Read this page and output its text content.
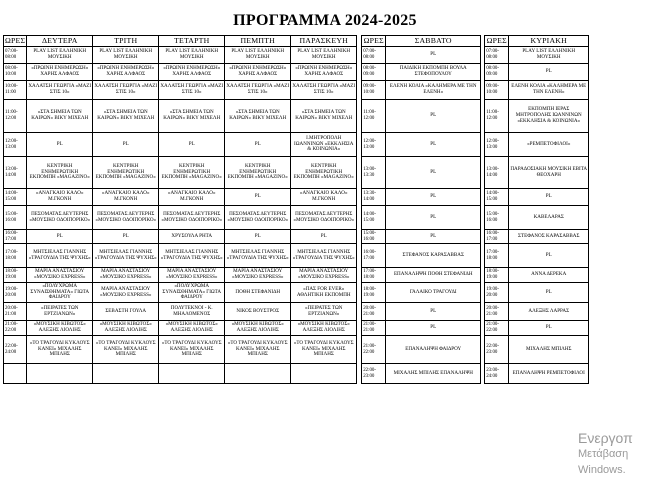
ΠΡΟΓΡΑΜΜΑ 2024-2025
ΩΡΕΣ	ΔΕΥΤΕΡΑ	ΤΡΙΤΗ	ΤΕΤΑΡΤΗ	ΠΕΜΠΤΗ	ΠΑΡΑΣΚΕΥΗ		ΩΡΕΣ	ΣΑΒΒΑΤΟ		ΩΡΕΣ	ΚΥΡΙΑΚΗ
07:00-08:00	PLAY LIST ΕΛΛΗΝΙΚΗ ΜΟΥΣΙΚΗ	PLAY LIST ΕΛΛΗΝΙΚΗ ΜΟΥΣΙΚΗ	PLAY LIST ΕΛΛΗΝΙΚΗ ΜΟΥΣΙΚΗ	PLAY LIST ΕΛΛΗΝΙΚΗ ΜΟΥΣΙΚΗ	PLAY LIST ΕΛΛΗΝΙΚΗ ΜΟΥΣΙΚΗ		07:00-08:00	PL		07:00-08:00	PLAY LIST ΕΛΛΗΝΙΚΗ ΜΟΥΣΙΚΗ
08:00-10:00	«ΠΡΩΙΝΗ ΕΝΗΜΕΡΩΣΗ» ΧΑΡΗΣ ΑΛΦΑΟΣ	«ΠΡΩΙΝΗ ΕΝΗΜΕΡΩΣΗ» ΧΑΡΗΣ ΑΛΦΑΟΣ	«ΠΡΩΙΝΗ ΕΝΗΜΕΡΩΣΗ» ΧΑΡΗΣ ΑΛΦΑΟΣ	«ΠΡΩΙΝΗ ΕΝΗΜΕΡΩΣΗ» ΧΑΡΗΣ ΑΛΦΑΟΣ	«ΠΡΩΙΝΗ ΕΝΗΜΕΡΩΣΗ» ΧΑΡΗΣ ΑΛΦΑΟΣ		08:00-09:00	ΠΑΙΔΙΚΗ ΕΚΠΟΜΠΗ ΒΟΥΛΑ ΣΤΕΦΟΠΟΥΛΟΥ		08:00-09:00	PL
10:00-11:00	ΧΑΛΑΤΣΗ ΓΕΩΡΓΙΑ «ΜΑΖΙ ΣΤΙΣ 10»	ΧΑΛΑΤΣΗ ΓΕΩΡΓΙΑ «ΜΑΖΙ ΣΤΙΣ 10»	ΧΑΛΑΤΣΗ ΓΕΩΡΓΙΑ «ΜΑΖΙ ΣΤΙΣ 10»	ΧΑΛΑΤΣΗ ΓΕΩΡΓΙΑ «ΜΑΖΙ ΣΤΙΣ 10»	ΧΑΛΑΤΣΗ ΓΕΩΡΓΙΑ «ΜΑΖΙ ΣΤΙΣ 10»		09:00-10:00	ΕΛΕΝΗ ΚΟΛΙΑ «ΚΑΛΗΜΕΡΑ ΜΕ ΤΗΝ ΕΛΕΝΗ»		09:00-10:00	ΕΛΕΝΗ ΚΟΛΙΑ «ΚΑΛΗΜΕΡΑ ΜΕ ΤΗΝ ΕΛΕΝΗ»
11:00-12:00	«ΣΤΑ ΣΗΜΕΙΑ ΤΩΝ ΚΑΙΡΩΝ» ΒΙΚΥ ΜΙΧΕΛΗ	«ΣΤΑ ΣΗΜΕΙΑ ΤΩΝ ΚΑΙΡΩΝ» ΒΙΚΥ ΜΙΧΕΛΗ	«ΣΤΑ ΣΗΜΕΙΑ ΤΩΝ ΚΑΙΡΩΝ» ΒΙΚΥ ΜΙΧΕΛΗ	«ΣΤΑ ΣΗΜΕΙΑ ΤΩΝ ΚΑΙΡΩΝ» ΒΙΚΥ ΜΙΧΕΛΗ	«ΣΤΑ ΣΗΜΕΙΑ ΤΩΝ ΚΑΙΡΩΝ» ΒΙΚΥ ΜΙΧΕΛΗ		11:00-12:00	PL		11:00-12:00	ΕΚΠΟΜΠΗ ΙΕΡΑΣ ΜΗΤΡΟΠΟΛΗΣ ΙΩΑΝΝΙΝΩΝ «ΕΚΚΛΗΣΙΑ & ΚΟΙΝΩΝΙΑ»
12:00-13:00	PL	PL	PL	PL	Ι.ΜΗΤΡΟΠΟΛΗ ΙΩΑΝΝΙΝΩΝ «ΕΚΚΛΗΣΙΑ & ΚΟΙΝΩΝΙΑ»		12:00-13:00	PL		12:00-13:00	«ΡΕΜΠΕΤΟΦΙΛΟΙ»
13:00-14:00	ΚΕΝΤΡΙΚΗ ΕΝΗΜΕΡΩΤΙΚΗ ΕΚΠΟΜΠΗ «MAGAZINO»	ΚΕΝΤΡΙΚΗ ΕΝΗΜΕΡΩΤΙΚΗ ΕΚΠΟΜΠΗ «MAGAZINO»	ΚΕΝΤΡΙΚΗ ΕΝΗΜΕΡΩΤΙΚΗ ΕΚΠΟΜΠΗ «MAGAZINO»	ΚΕΝΤΡΙΚΗ ΕΝΗΜΕΡΩΤΙΚΗ ΕΚΠΟΜΠΗ «MAGAZINO»	ΚΕΝΤΡΙΚΗ ΕΝΗΜΕΡΩΤΙΚΗ ΕΚΠΟΜΠΗ «MAGAZINO»		13:00-13:30	PL		13:00-14:00	ΠΑΡΑΔΟΣΙΑΚΗ ΜΟΥΣΙΚΗ ΕΒΙΤΑ ΘΕΟΧΑΡΗ
14:00-15:00	«ΑΝΑΓΚΑΙΟ ΚΑΛΟ» Μ.ΓΚΟΝΗ	«ΑΝΑΓΚΑΙΟ ΚΑΛΟ» Μ.ΓΚΟΝΗ	«ΑΝΑΓΚΑΙΟ ΚΑΛΟ» Μ.ΓΚΟΝΗ	PL	«ΑΝΑΓΚΑΙΟ ΚΑΛΟ» Μ.ΓΚΟΝΗ		13:30-14:00	PL		14:00-15:00	PL
15:00-16:00	ΠΕΣΟΜΑΤΑΣ ΔΕΥΤΕΡΗΣ «ΜΟΥΣΙΚΟ ΟΔΟΙΠΟΡΙΚΟ»	ΠΕΣΟΜΑΤΑΣ ΔΕΥΤΕΡΗΣ «ΜΟΥΣΙΚΟ ΟΔΟΙΠΟΡΙΚΟ»	ΠΕΣΟΜΑΤΑΣ ΔΕΥΤΕΡΗΣ «ΜΟΥΣΙΚΟ ΟΔΟΙΠΟΡΙΚΟ»	ΠΕΣΟΜΑΤΑΣ ΔΕΥΤΕΡΗΣ «ΜΟΥΣΙΚΟ ΟΔΟΙΠΟΡΙΚΟ»	ΠΕΣΟΜΑΤΑΣ ΔΕΥΤΕΡΗΣ «ΜΟΥΣΙΚΟ ΟΔΟΙΠΟΡΙΚΟ»		14:00-15:00	PL		15:00-16:00	ΚΑΒΕΛΑΡΑΣ
16:00-17:00	PL	PL	ΧΡΥΣΟΥΛΑ ΡΗΤΑ	PL	PL		15:00-16:00	PL		16:00-17:00	ΣΤΕΦΑΝΟΣ ΚΑΡΑΣΑΒΒΑΣ
17:00-18:00	ΜΗΤΣΙΕΛΑΣ ΓΙΑΝΝΗΣ «ΤΡΑΓΟΥΔΙΑ ΤΗΣ ΨΥΧΗΣ»	ΜΗΤΣΙΕΛΑΣ ΓΙΑΝΝΗΣ «ΤΡΑΓΟΥΔΙΑ ΤΗΣ ΨΥΧΗΣ»	ΜΗΤΣΙΕΛΑΣ ΓΙΑΝΝΗΣ «ΤΡΑΓΟΥΔΙΑ ΤΗΣ ΨΥΧΗΣ»	ΜΗΤΣΙΕΛΑΣ ΓΙΑΝΝΗΣ «ΤΡΑΓΟΥΔΙΑ ΤΗΣ ΨΥΧΗΣ»	ΜΗΤΣΙΕΛΑΣ ΓΙΑΝΝΗΣ «ΤΡΑΓΟΥΔΙΑ ΤΗΣ ΨΥΧΗΣ»		16:00-17:00	ΣΤΕΦΑΝΟΣ ΚΑΡΑΣΑΒΒΑΣ		17:00-18:00	PL
18:00-19:00	ΜΑΡΙΑ ΑΝΑΣΤΑΣΙΟΥ «ΜΟΥΣΙΚΟ EXPRESS»	ΜΑΡΙΑ ΑΝΑΣΤΑΣΙΟΥ «ΜΟΥΣΙΚΟ EXPRESS»	ΜΑΡΙΑ ΑΝΑΣΤΑΣΙΟΥ «ΜΟΥΣΙΚΟ EXPRESS»	ΜΑΡΙΑ ΑΝΑΣΤΑΣΙΟΥ «ΜΟΥΣΙΚΟ EXPRESS»	ΜΑΡΙΑ ΑΝΑΣΤΑΣΙΟΥ «ΜΟΥΣΙΚΟ EXPRESS»		17:00-18:00	ΕΠΑΝΑΛΗΨΗ ΠΟΘΗ ΣΤΕΦΑΝΙΔΗ		18:00-19:00	ΑΝΝΑ ΔΕΡΕΚΑ
19:00-20:00	«ΠΟΛΥΧΡΩΜΑ ΣΥΝΑΙΣΘΗΜΑΤΑ» ΓΙΩΤΑ ΦΑΙΔΡΟΥ	ΜΑΡΙΑ ΑΝΑΣΤΑΣΙΟΥ «ΜΟΥΣΙΚΟ EXPRESS»	«ΠΟΛΥΧΡΩΜΑ ΣΥΝΑΙΣΘΗΜΑΤΑ» ΓΙΩΤΑ ΦΑΙΔΡΟΥ	ΠΟΘΗ ΣΤΕΦΑΝΙΔΗ	«ΠΑΣ FOR EVER» ΑΘΛΗΤΙΚΗ ΕΚΠΟΜΠΗ		18:00-19:00	ΓΑΛΑΙΚΟ ΤΡΑΓΟΥΔΙ		19:00-20:00	PL
20:00-21:00	«ΠΕΙΡΑΤΕΣ ΤΩΝ ΕΡΤΖΙΑΝΩΝ»	ΣΕΒΑΣΤΗ ΓΟΥΛΑ	ΠΟΛΥΤΕΚΝΟΙ - Κ. ΜΗΑΛΟΜΕΝΟΣ	ΝΙΚΟΣ ΒΟΥΣΤΡΟΣ	«ΠΕΙΡΑΤΕΣ ΤΩΝ ΕΡΤΖΙΑΝΩΝ»		20:00-21:00	PL		20:00-21:00	ΑΛΕΞΗΣ ΛΑΡΡΑΣ
21:00-22:00	«ΜΟΥΣΙΚΗ ΚΙΒΩΤΟΣ» ΑΛΕΞΗΣ ΛΙΟΛΙΗΣ	«ΜΟΥΣΙΚΗ ΚΙΒΩΤΟΣ» ΑΛΕΞΗΣ ΛΙΟΛΙΗΣ	«ΜΟΥΣΙΚΗ ΚΙΒΩΤΟΣ» ΑΛΕΞΗΣ ΛΙΟΛΙΗΣ	«ΜΟΥΣΙΚΗ ΚΙΒΩΤΟΣ» ΑΛΕΞΗΣ ΛΙΟΛΙΗΣ	«ΜΟΥΣΙΚΗ ΚΙΒΩΤΟΣ» ΑΛΕΞΗΣ ΛΙΟΛΙΗΣ		21:00-21:00	PL		21:00-22:00	PL
22:00-24:00	«ΤΟ ΤΡΑΓΟΥΔΙ ΚΥΚΛΟΥΣ ΚΑΝΕΙ» ΜΙΧΑΛΗΣ ΜΠΙΛΗΣ	«ΤΟ ΤΡΑΓΟΥΔΙ ΚΥΚΛΟΥΣ ΚΑΝΕΙ» ΜΙΧΑΛΗΣ ΜΠΙΛΗΣ	«ΤΟ ΤΡΑΓΟΥΔΙ ΚΥΚΛΟΥΣ ΚΑΝΕΙ» ΜΙΧΑΛΗΣ ΜΠΙΛΗΣ	«ΤΟ ΤΡΑΓΟΥΔΙ ΚΥΚΛΟΥΣ ΚΑΝΕΙ» ΜΙΧΑΛΗΣ ΜΠΙΛΗΣ	«ΤΟ ΤΡΑΓΟΥΔΙ ΚΥΚΛΟΥΣ ΚΑΝΕΙ» ΜΙΧΑΛΗΣ ΜΠΙΛΗΣ		21:00-22:00	ΕΠΑΝΑΛΗΨΗ ΦΑΙΔΡΟΥ		22:00-23:00	ΜΙΧΑΛΗΣ ΜΠΙΛΗΣ
							22:00-23:00	ΜΙΧΑΛΗΣ ΜΠΙΛΗΣ ΕΠΑΝΑΛΗΨΗ		23:00-24:00	ΕΠΑΝΑΛΗΨΗ ΡΕΜΠΕΤΟΦΙΛΟΙ
Ενεργοπ
Μετάβαση
Windows.
